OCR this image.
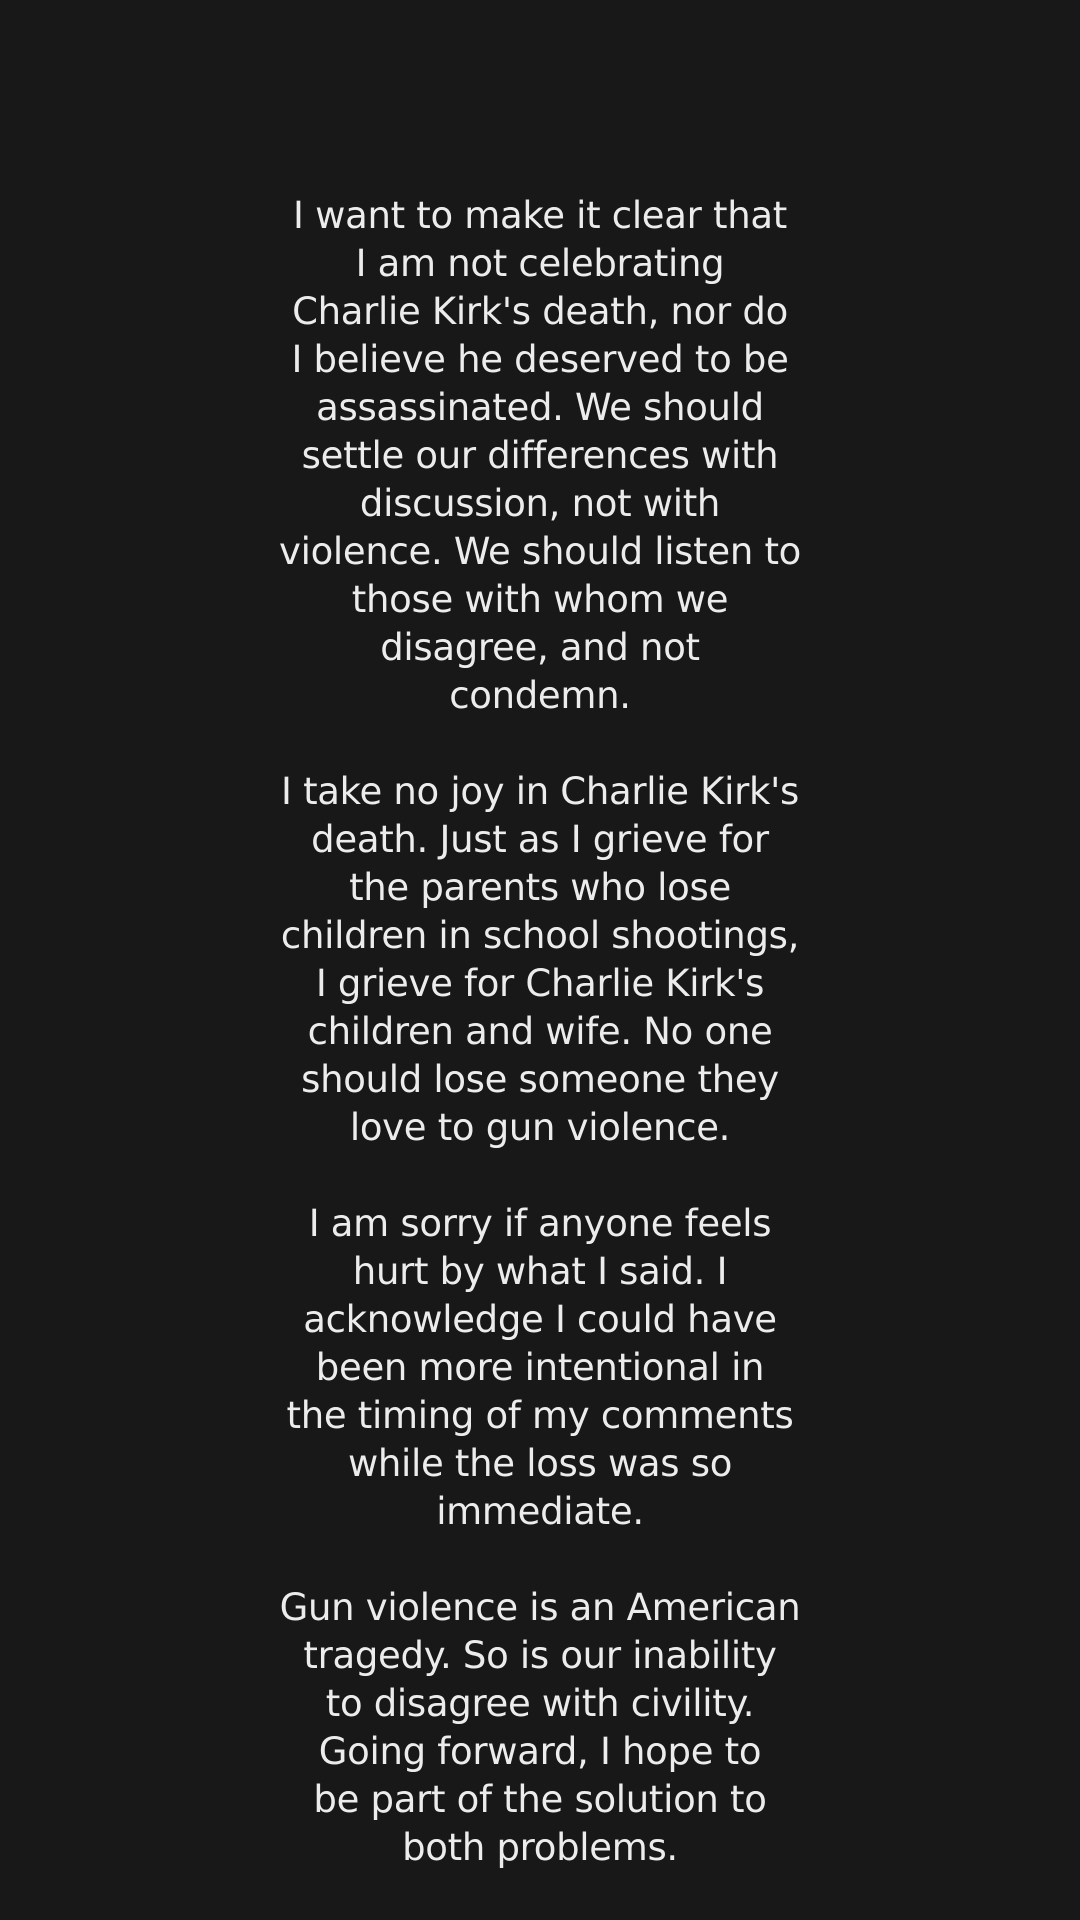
I want to make it clear that
I am not celebrating
Charlie Kirk's death, nor do
I believe he deserved to be
assassinated. We should
settle our differences with
discussion, not with
violence. We should listen to
those with whom we
disagree, and not
condemn.

I take no joy in Charlie Kirk's
death. Just as I grieve for
the parents who lose
children in school shootings,
I grieve for Charlie Kirk's
children and wife. No one
should lose someone they
love to gun violence.

I am sorry if anyone feels
hurt by what I said. I
acknowledge I could have
been more intentional in
the timing of my comments
while the loss was so
immediate.

Gun violence is an American
tragedy. So is our inability
to disagree with civility.
Going forward, I hope to
be part of the solution to
both problems.
